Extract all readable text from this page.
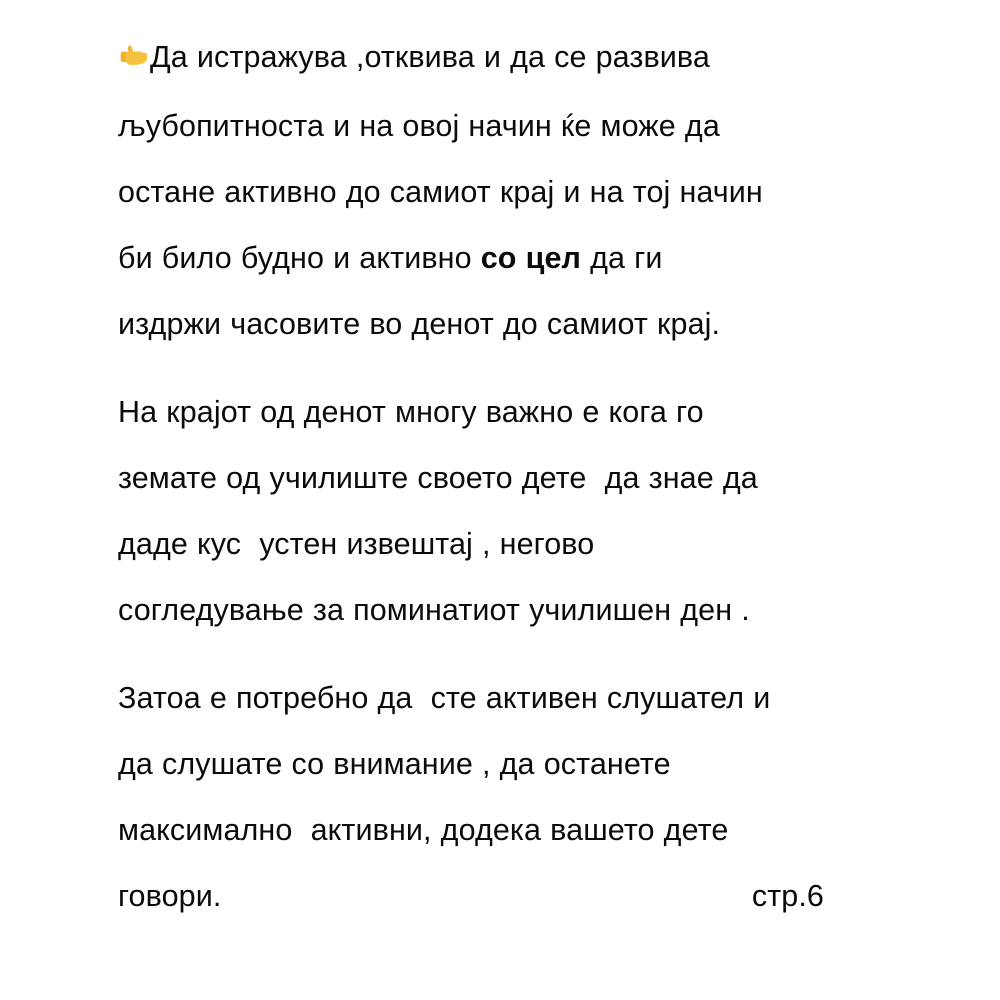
Да истражува ,отквива и да се развива
љубопитноста и на овој начин ќе може да
останe активно до самиот крај и на тој начин
би било будно и активно со цел да ги
издржи часовите во денот до самиот крај.

На крајот од денот многу важно е кога го
земате од училиште своето дете  да знае да
даде кус  устен извештај , негово
согледување за поминатиот училишен ден .

Затоа е потребно да  сте активен слушател и
да слушате со внимание , да останете
максимално  активни, додека вашето дете
говори.	стр.6
